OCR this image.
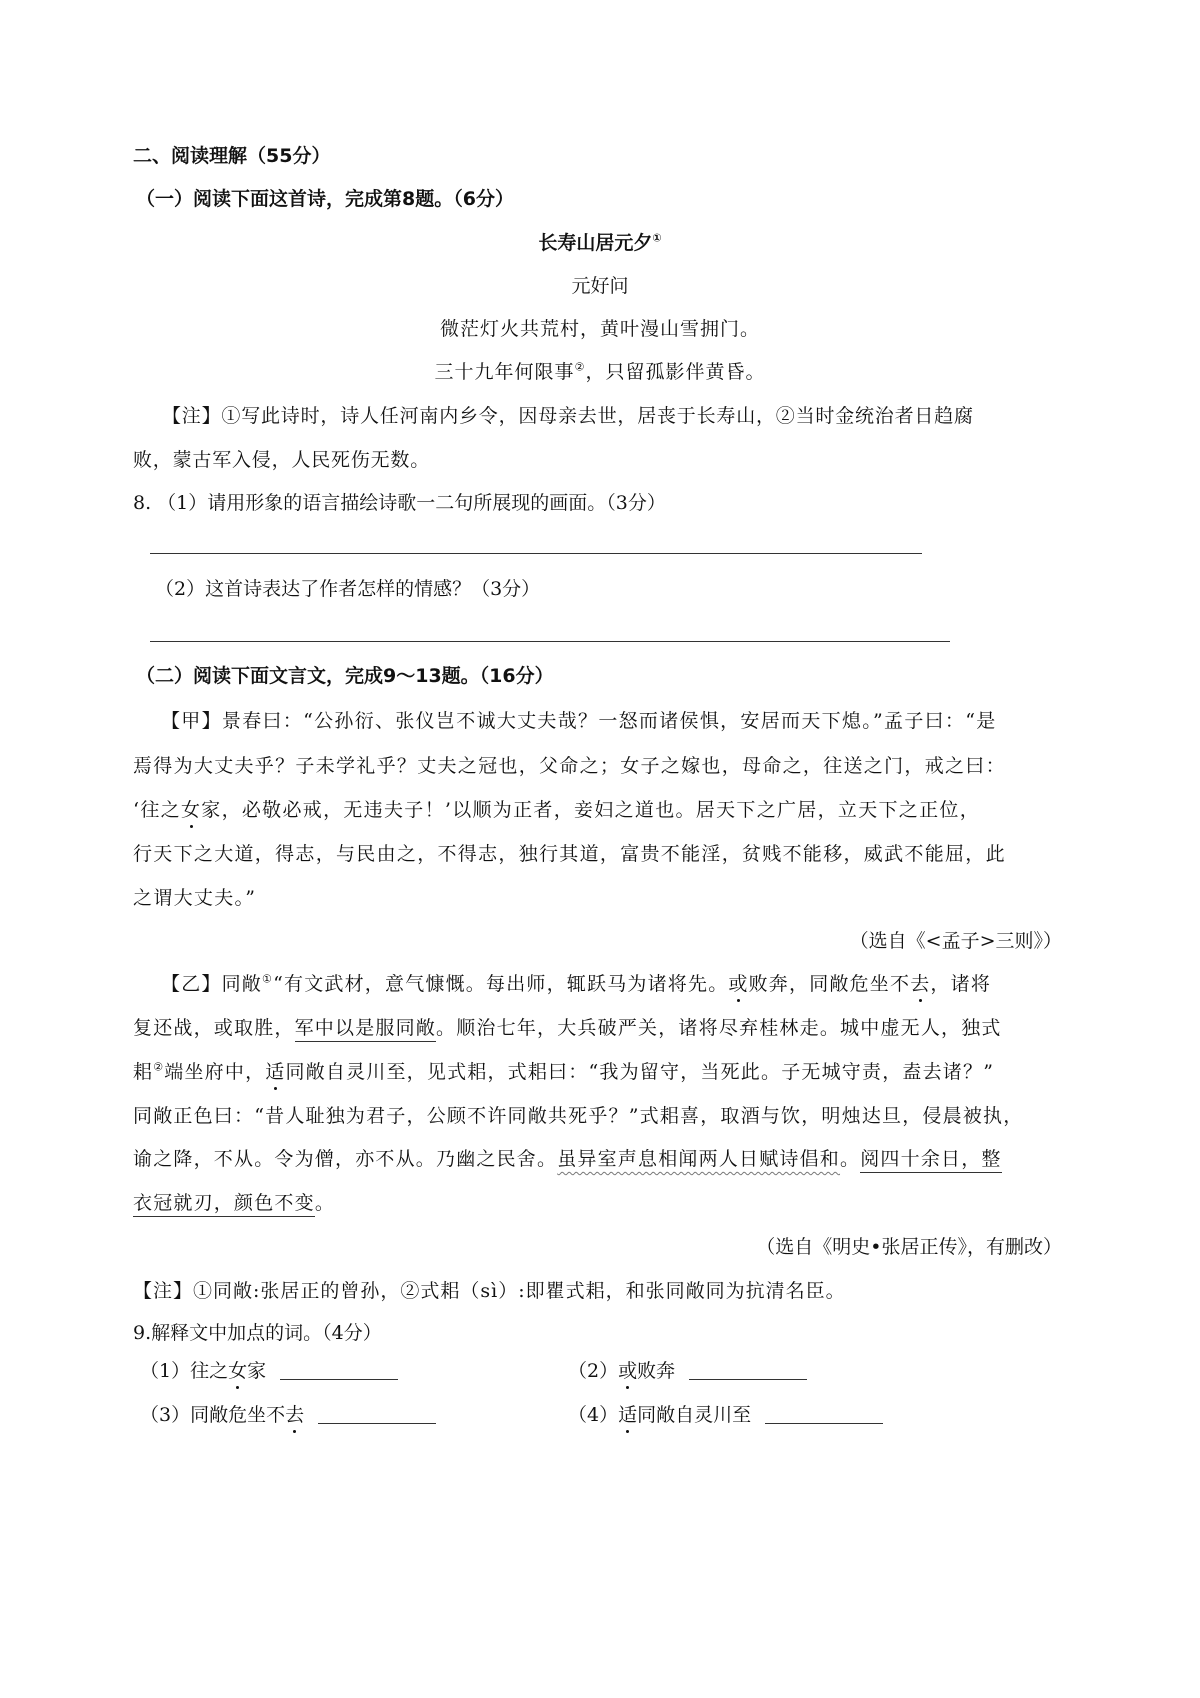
二、阅读理解（55分）
（一）阅读下面这首诗，完成第8题。（6分）
长寿山居元夕①
元好问
微茫灯火共荒村，黄叶漫山雪拥门。
三十九年何限事②，只留孤影伴黄昏。
【注】①写此诗时，诗人任河南内乡令，因母亲去世，居丧于长寿山，②当时金统治者日趋腐
败，蒙古军入侵，人民死伤无数。
8. （1）请用形象的语言描绘诗歌一二句所展现的画面。（3分）
（2）这首诗表达了作者怎样的情感？（3分）
（二）阅读下面文言文，完成9～13题。（16分）
【甲】景春曰：“公孙衍、张仪岂不诚大丈夫哉？一怒而诸侯惧，安居而天下熄。”孟子曰：“是
焉得为大丈夫乎？子未学礼乎？丈夫之冠也，父命之；女子之嫁也，母命之，往送之门，戒之曰：
‘往之女家，必敬必戒，无违夫子！’以顺为正者，妾妇之道也。居天下之广居，立天下之正位，
行天下之大道，得志，与民由之，不得志，独行其道，富贵不能淫，贫贱不能移，威武不能屈，此
之谓大丈夫。”
（选自《<孟子>三则》）
【乙】同敞①“有文武材，意气慷慨。每出师，辄跃马为诸将先。或败奔，同敞危坐不去，诸将
复还战，或取胜，军中以是服同敞。顺治七年，大兵破严关，诸将尽弃桂林走。城中虚无人，独式
耜②端坐府中，适同敞自灵川至，见式耜，式耜曰：“我为留守，当死此。子无城守责，盍去诸？”
同敞正色曰：“昔人耻独为君子，公顾不许同敞共死乎？”式耜喜，取酒与饮，明烛达旦，侵晨被执，
谕之降，不从。令为僧，亦不从。乃幽之民舍。虽异室声息相闻两人日赋诗倡和。阅四十余日，整
衣冠就刃，颜色不变。
（选自《明史•张居正传》，有删改）
【注】①同敞:张居正的曾孙，②式耜（sì）:即瞿式耜，和张同敞同为抗清名臣。
9.解释文中加点的词。（4分）
（1）往之女家	（2）或败奔
（3）同敞危坐不去	（4）适同敞自灵川至
